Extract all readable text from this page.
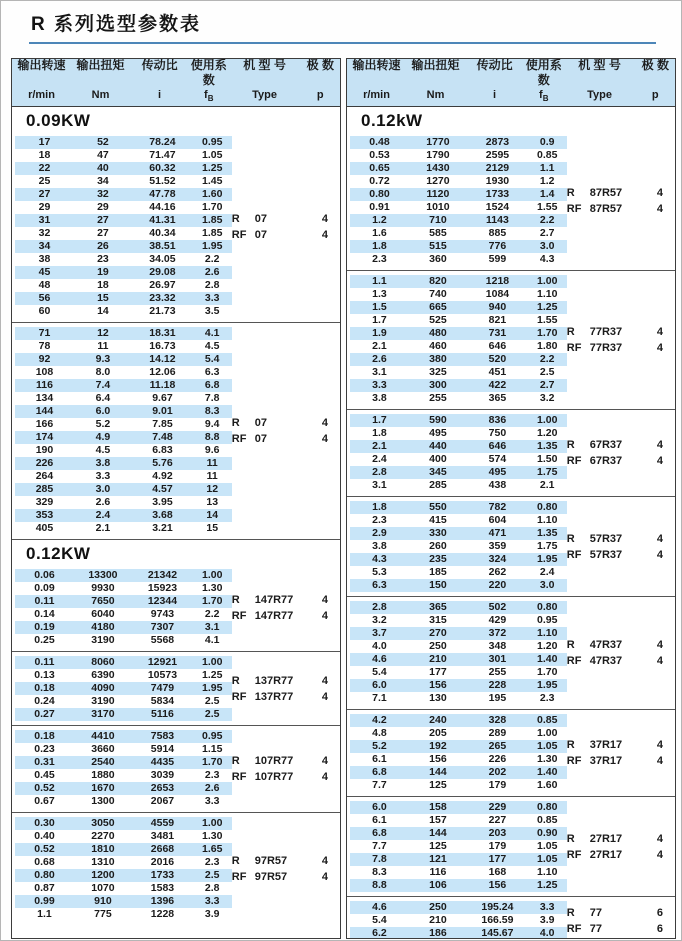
R 系列选型参数表
输出转速 输出扭矩	传动比	使用系数
机 型 号	极 数
r/min	Nm	i	$f_B$	Type	p
0.09KW
17	52	78.24	0.95
18	47	71.47	1.05
22	40	60.32	1.25
25	34	51.52	1.45
27	32	47.78	1.60
29	29	44.16	1.70
31	27	41.31	1.85
32	27	40.34	1.85
34	26	38.51	1.95
38	23	34.05	2.2
45	19	29.08	2.6
48	18	26.97	2.8
56	15	23.32	3.3
60	14	21.73	3.5
R	07	4
RF 07	4
71	12	18.31	4.1
78	11	16.73	4.5
92	9.3	14.12	5.4
108	8.0	12.06	6.3
116	7.4	11.18	6.8
134	6.4	9.67	7.8
144	6.0	9.01	8.3
166	5.2	7.85	9.4
174	4.9	7.48	8.8
190	4.5	6.83	9.6
226	3.8	5.76	11
264	3.3	4.92	11
285	3.0	4.57	12
329	2.6	3.95	13
353	2.4	3.68	14
405	2.1	3.21	15
R	07	4
RF 07	4
0.12KW
0.06	13300	21342	1.00
0.09	9930	15923	1.30
0.11	7650	12344	1.70
0.14	6040	9743	2.2
0.19	4180	7307	3.1
0.25	3190	5568	4.1
R	147R77	4
RF 147R77	4
0.11	8060	12921	1.00
0.13	6390	10573	1.25
0.18	4090	7479	1.95
0.24	3190	5834	2.5
0.27	3170	5116	2.5
R	137R77	4
RF 137R77	4
0.18	4410	7583	0.95
0.23	3660	5914	1.15
0.31	2540	4435	1.70
0.45	1880	3039	2.3
0.52	1670	2653	2.6
0.67	1300	2067	3.3
R	107R77	4
RF 107R77	4
0.30	3050	4559	1.00
0.40	2270	3481	1.30
0.52	1810	2668	1.65
0.68	1310	2016	2.3
0.80	1200	1733	2.5
0.87	1070	1583	2.8
0.99	910	1396	3.3
1.1	775	1228	3.9
R	97R57	4
RF 97R57	4
输出转速 输出扭矩	传动比	使用系数
机 型 号	极 数
r/min	Nm	i	$f_B$	Type	p
0.12kW
0.48	1770	2873	0.9
0.53	1790	2595	0.85
0.65	1430	2129	1.1
0.72	1270	1930	1.2
0.80	1120	1733	1.4
0.91	1010	1524	1.55
1.2	710	1143	2.2
1.6	585	885	2.7
1.8	515	776	3.0
2.3	360	599	4.3
R	87R57	4
RF 87R57	4
1.1	820	1218	1.00
1.3	740	1084	1.10
1.5	665	940	1.25
1.7	525	821	1.55
1.9	480	731	1.70
2.1	460	646	1.80
2.6	380	520	2.2
3.1	325	451	2.5
3.3	300	422	2.7
3.8	255	365	3.2
R	77R37	4
RF 77R37	4
1.7	590	836	1.00
1.8	495	750	1.20
2.1	440	646	1.35
2.4	400	574	1.50
2.8	345	495	1.75
3.1	285	438	2.1
R	67R37	4
RF 67R37	4
1.8	550	782	0.80
2.3	415	604	1.10
2.9	330	471	1.35
3.8	260	359	1.75
4.3	235	324	1.95
5.3	185	262	2.4
6.3	150	220	3.0
R	57R37	4
RF 57R37	4
2.8	365	502	0.80
3.2	315	429	0.95
3.7	270	372	1.10
4.0	250	348	1.20
4.6	210	301	1.40
5.4	177	255	1.70
6.0	156	228	1.95
7.1	130	195	2.3
R	47R37	4
RF 47R37	4
4.2	240	328	0.85
4.8	205	289	1.00
5.2	192	265	1.05
6.1	156	226	1.30
6.8	144	202	1.40
7.7	125	179	1.60
R	37R17	4
RF 37R17	4
6.0	158	229	0.80
6.1	157	227	0.85
6.8	144	203	0.90
7.7	125	179	1.05
7.8	121	177	1.05
8.3	116	168	1.10
8.8	106	156	1.25
R	27R17	4
RF 27R17	4
4.6	250	195.24	3.3
5.4	210	166.59	3.9
6.2	186	145.67	4.0
R	77	6
RF 77	6
